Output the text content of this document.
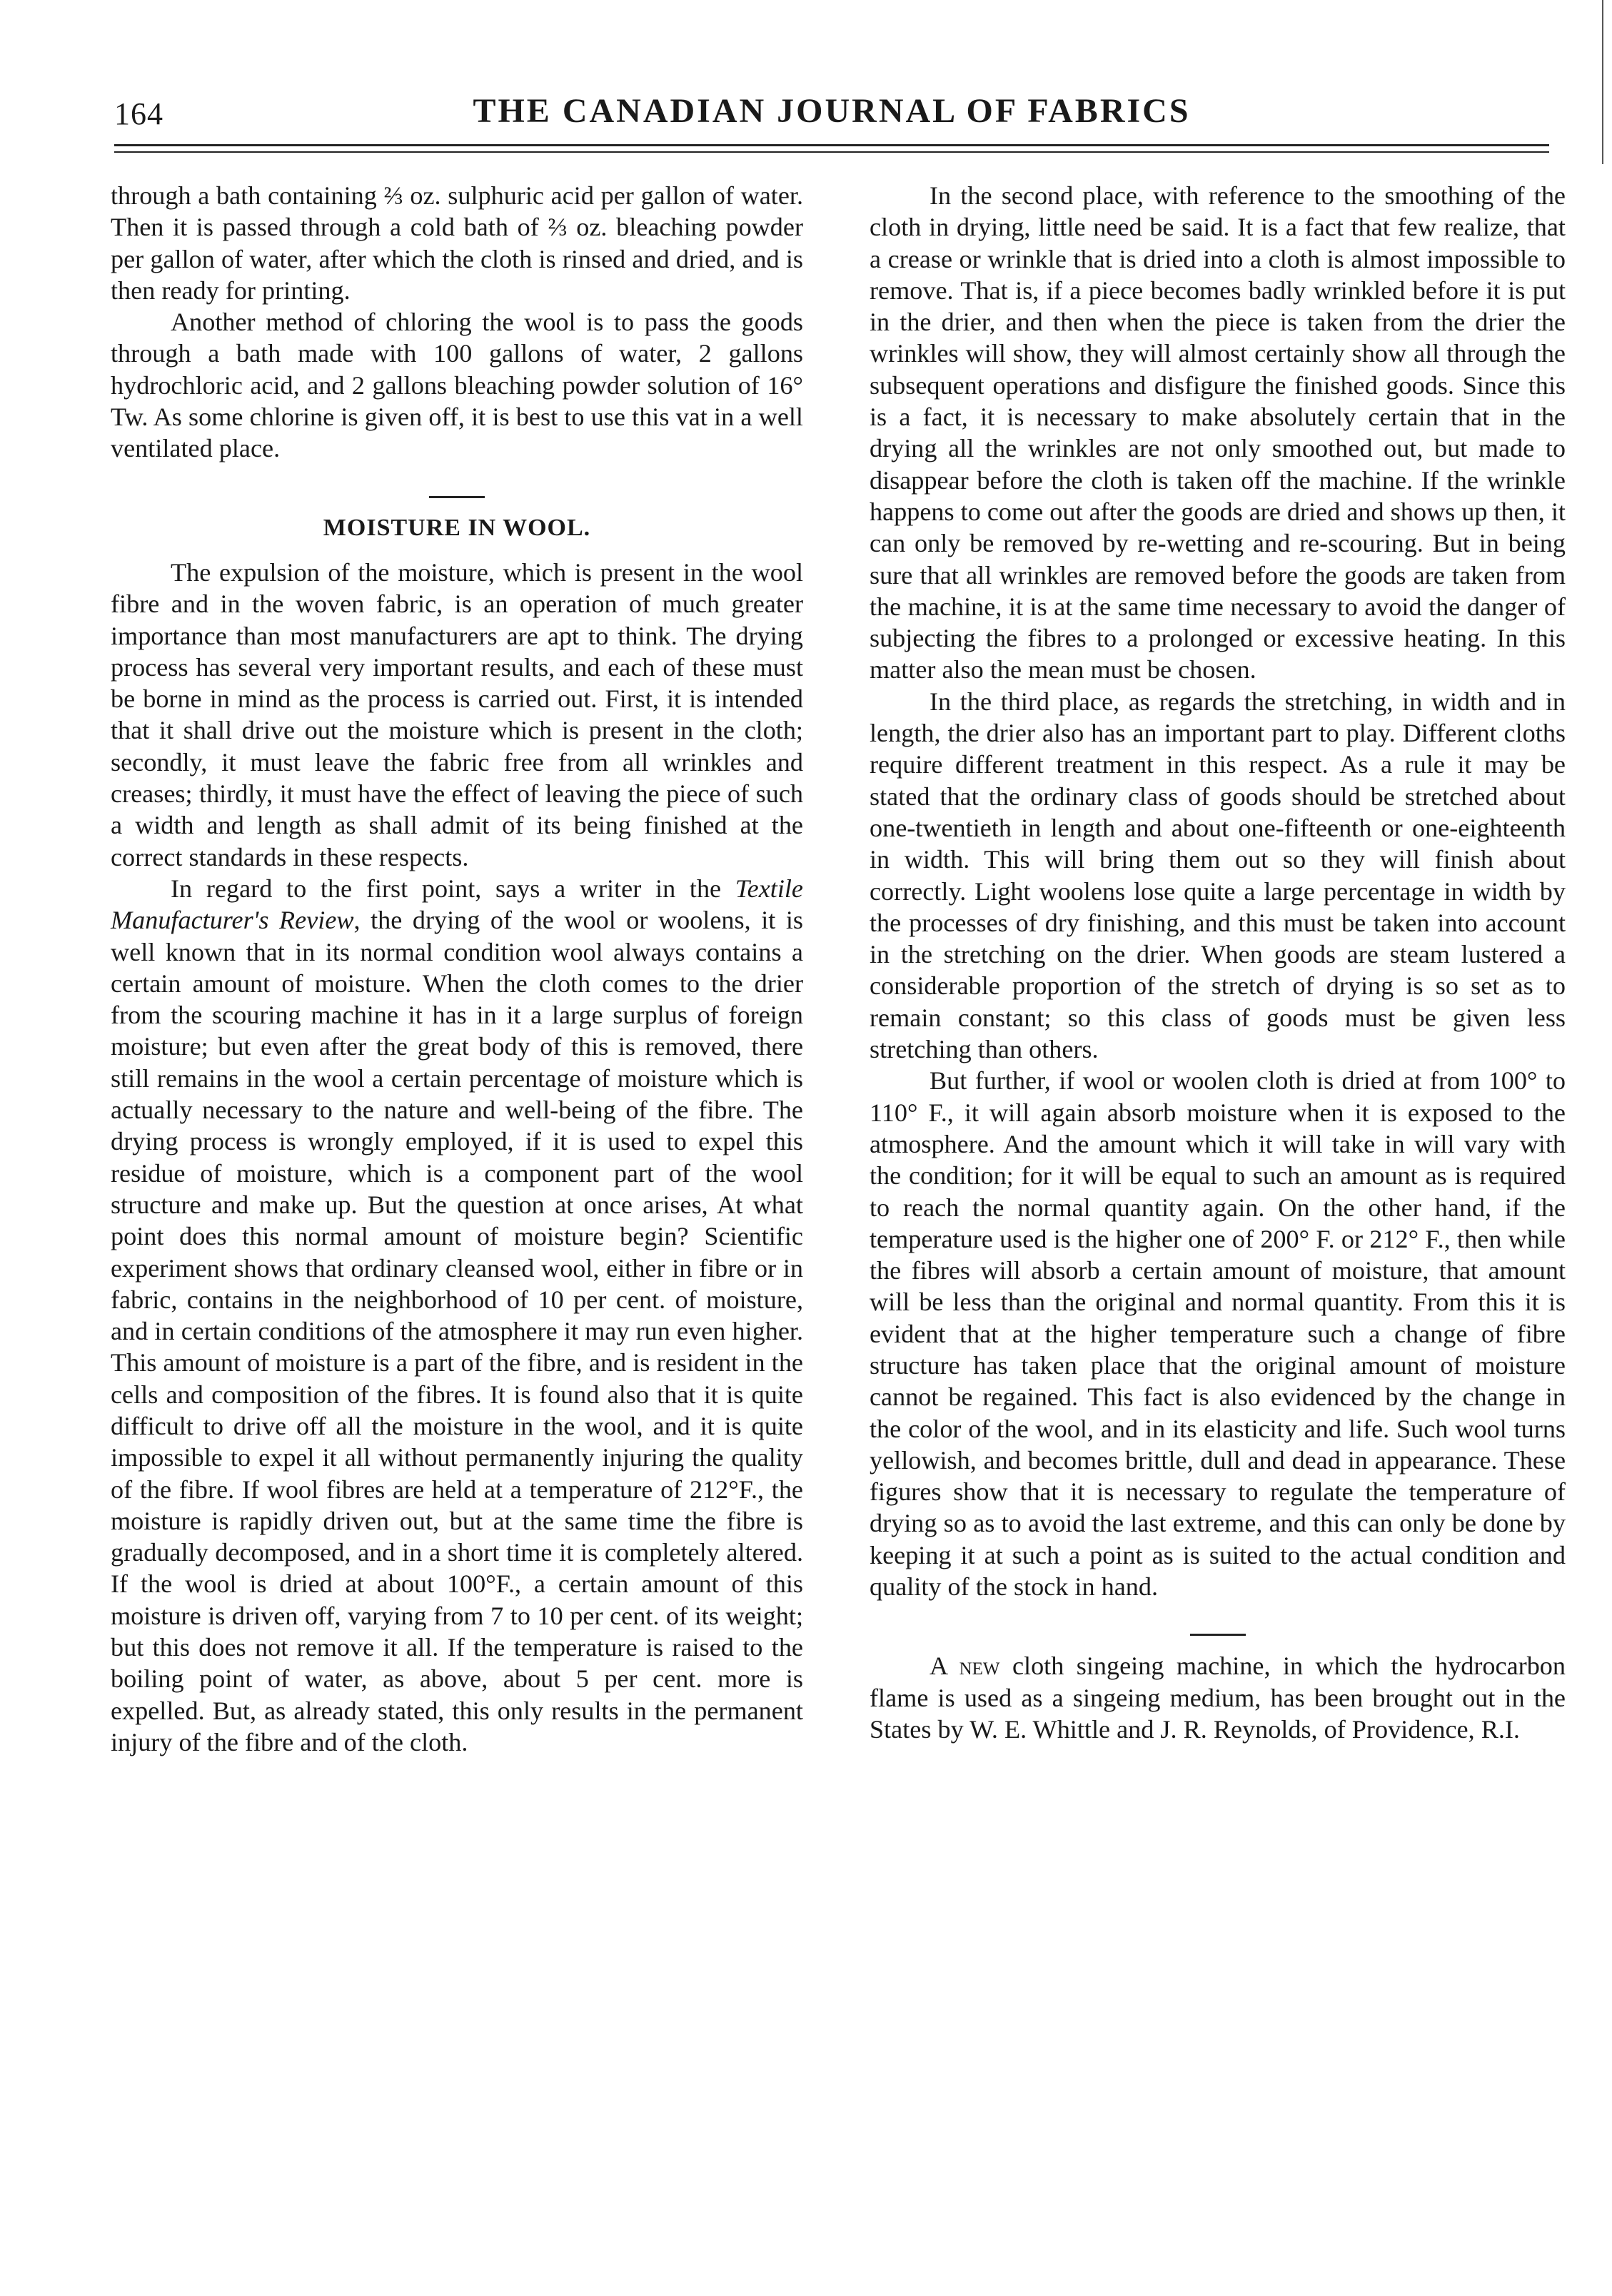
164	THE CANADIAN JOURNAL OF FABRICS

through a bath containing ⅔ oz. sulphuric acid per gallon of water. Then it is passed through a cold bath of ⅔ oz. bleaching powder per gallon of water, after which the cloth is rinsed and dried, and is then ready for printing.

Another method of chloring the wool is to pass the goods through a bath made with 100 gallons of water, 2 gallons hydrochloric acid, and 2 gallons bleaching powder solution of 16° Tw. As some chlorine is given off, it is best to use this vat in a well ventilated place.

MOISTURE IN WOOL.

The expulsion of the moisture, which is present in the wool fibre and in the woven fabric, is an operation of much greater importance than most manufacturers are apt to think. The drying process has several very important results, and each of these must be borne in mind as the process is carried out. First, it is intended that it shall drive out the moisture which is present in the cloth; secondly, it must leave the fabric free from all wrinkles and creases; thirdly, it must have the effect of leaving the piece of such a width and length as shall admit of its being finished at the correct standards in these respects.

In regard to the first point, says a writer in the Textile Manufacturer's Review, the drying of the wool or woolens, it is well known that in its normal condition wool always contains a certain amount of moisture. When the cloth comes to the drier from the scouring machine it has in it a large surplus of foreign moisture; but even after the great body of this is removed, there still remains in the wool a certain percentage of moisture which is actually necessary to the nature and well-being of the fibre. The drying process is wrongly employed, if it is used to expel this residue of moisture, which is a component part of the wool structure and make up. But the question at once arises, At what point does this normal amount of moisture begin? Scientific experiment shows that ordinary cleansed wool, either in fibre or in fabric, contains in the neighborhood of 10 per cent. of moisture, and in certain conditions of the atmosphere it may run even higher. This amount of moisture is a part of the fibre, and is resident in the cells and composition of the fibres. It is found also that it is quite difficult to drive off all the moisture in the wool, and it is quite impossible to expel it all without permanently injuring the quality of the fibre. If wool fibres are held at a temperature of 212°F., the moisture is rapidly driven out, but at the same time the fibre is gradually decomposed, and in a short time it is completely altered. If the wool is dried at about 100°F., a certain amount of this moisture is driven off, varying from 7 to 10 per cent. of its weight; but this does not remove it all. If the temperature is raised to the boiling point of water, as above, about 5 per cent. more is expelled. But, as already stated, this only results in the permanent injury of the fibre and of the cloth.

In the second place, with reference to the smoothing of the cloth in drying, little need be said. It is a fact that few realize, that a crease or wrinkle that is dried into a cloth is almost impossible to remove. That is, if a piece becomes badly wrinkled before it is put in the drier, and then when the piece is taken from the drier the wrinkles will show, they will almost certainly show all through the subsequent operations and disfigure the finished goods. Since this is a fact, it is necessary to make absolutely certain that in the drying all the wrinkles are not only smoothed out, but made to disappear before the cloth is taken off the machine. If the wrinkle happens to come out after the goods are dried and shows up then, it can only be removed by re-wetting and re-scouring. But in being sure that all wrinkles are removed before the goods are taken from the machine, it is at the same time necessary to avoid the danger of subjecting the fibres to a prolonged or excessive heating. In this matter also the mean must be chosen.

In the third place, as regards the stretching, in width and in length, the drier also has an important part to play. Different cloths require different treatment in this respect. As a rule it may be stated that the ordinary class of goods should be stretched about one-twentieth in length and about one-fifteenth or one-eighteenth in width. This will bring them out so they will finish about correctly. Light woolens lose quite a large percentage in width by the processes of dry finishing, and this must be taken into account in the stretching on the drier. When goods are steam lustered a considerable proportion of the stretch of drying is so set as to remain constant; so this class of goods must be given less stretching than others.

But further, if wool or woolen cloth is dried at from 100° to 110° F., it will again absorb moisture when it is exposed to the atmosphere. And the amount which it will take in will vary with the condition; for it will be equal to such an amount as is required to reach the normal quantity again. On the other hand, if the temperature used is the higher one of 200° F. or 212° F., then while the fibres will absorb a certain amount of moisture, that amount will be less than the original and normal quantity. From this it is evident that at the higher temperature such a change of fibre structure has taken place that the original amount of moisture cannot be regained. This fact is also evidenced by the change in the color of the wool, and in its elasticity and life. Such wool turns yellowish, and becomes brittle, dull and dead in appearance. These figures show that it is necessary to regulate the temperature of drying so as to avoid the last extreme, and this can only be done by keeping it at such a point as is suited to the actual condition and quality of the stock in hand.

A new cloth singeing machine, in which the hydrocarbon flame is used as a singeing medium, has been brought out in the States by W. E. Whittle and J. R. Reynolds, of Providence, R.I.
